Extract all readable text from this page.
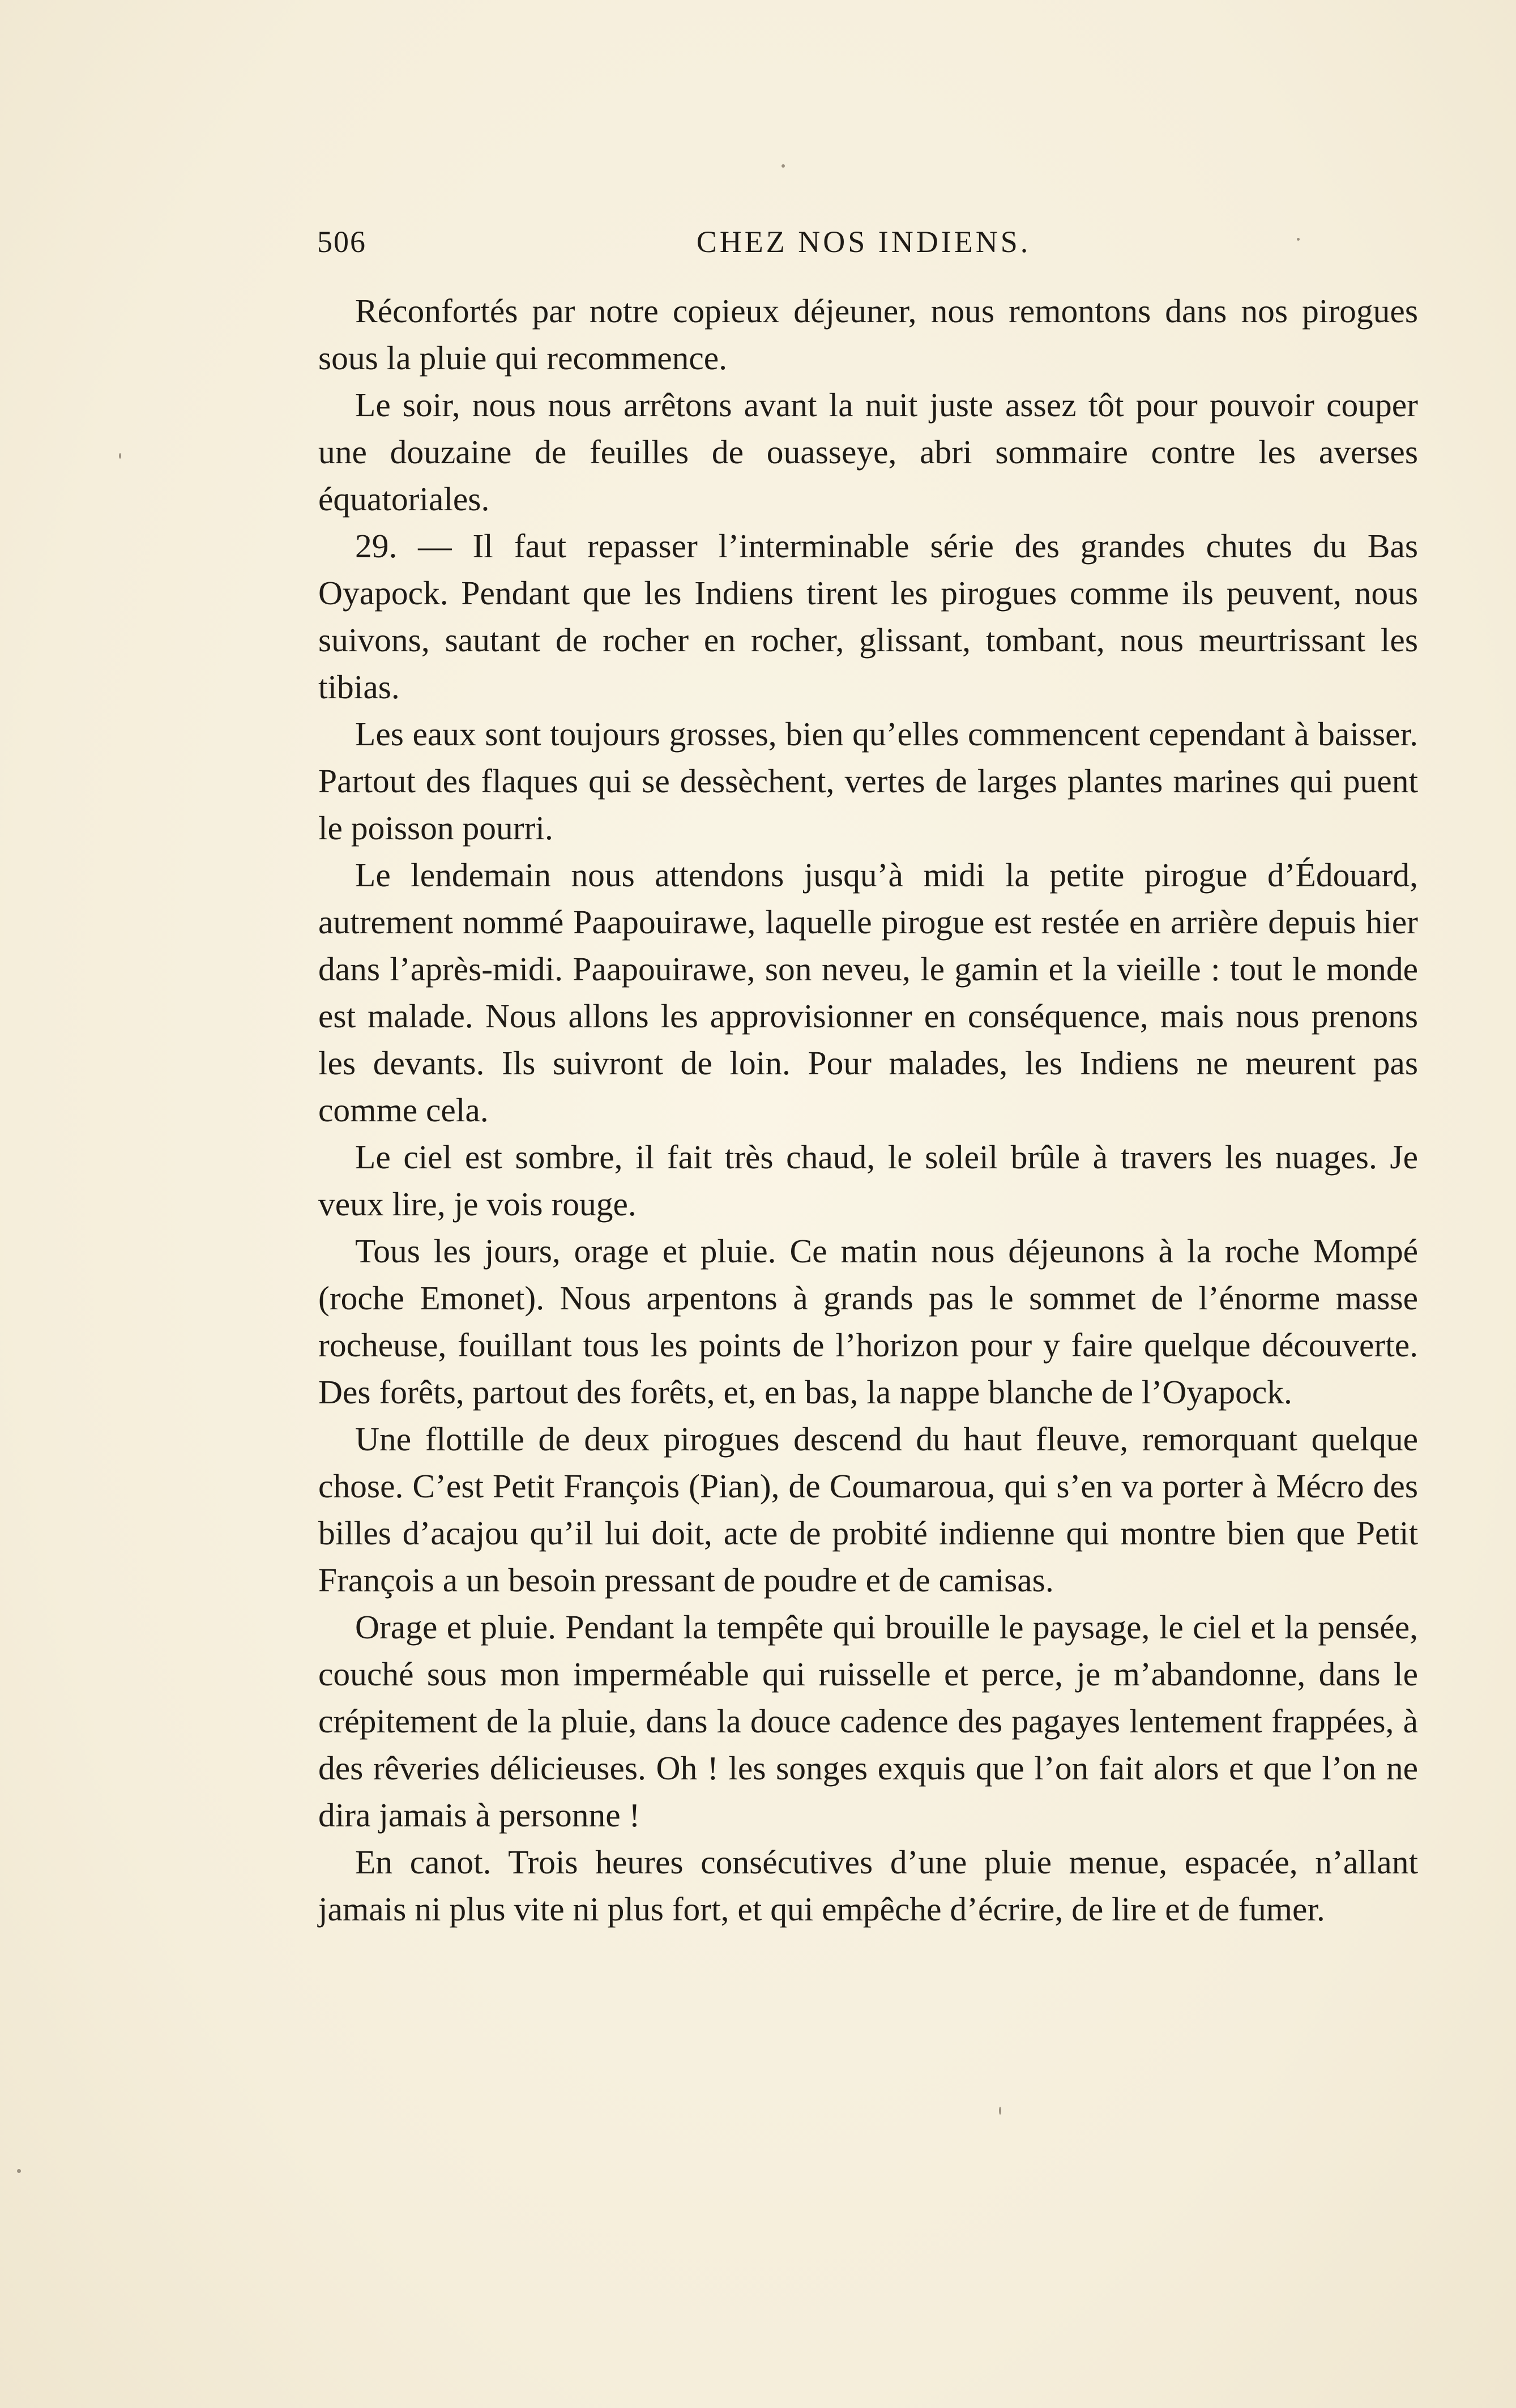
506	CHEZ NOS INDIENS.

Réconfortés par notre copieux déjeuner, nous remontons dans nos pirogues sous la pluie qui recommence.

Le soir, nous nous arrêtons avant la nuit juste assez tôt pour pouvoir couper une douzaine de feuilles de ouasseye, abri sommaire contre les averses équatoriales.

29. — Il faut repasser l’interminable série des grandes chutes du Bas Oyapock. Pendant que les Indiens tirent les pirogues comme ils peuvent, nous suivons, sautant de rocher en rocher, glissant, tombant, nous meurtrissant les tibias.

Les eaux sont toujours grosses, bien qu’elles commencent cependant à baisser. Partout des flaques qui se dessèchent, vertes de larges plantes marines qui puent le poisson pourri.

Le lendemain nous attendons jusqu’à midi la petite pirogue d’Édouard, autrement nommé Paapouirawe, laquelle pirogue est restée en arrière depuis hier dans l’après-midi. Paapouirawe, son neveu, le gamin et la vieille : tout le monde est malade. Nous allons les approvisionner en conséquence, mais nous prenons les devants. Ils suivront de loin. Pour malades, les Indiens ne meurent pas comme cela.

Le ciel est sombre, il fait très chaud, le soleil brûle à travers les nuages. Je veux lire, je vois rouge.

Tous les jours, orage et pluie. Ce matin nous déjeunons à la roche Mompé (roche Emonet). Nous arpentons à grands pas le sommet de l’énorme masse rocheuse, fouillant tous les points de l’horizon pour y faire quelque découverte. Des forêts, partout des forêts, et, en bas, la nappe blanche de l’Oyapock.

Une flottille de deux pirogues descend du haut fleuve, remorquant quelque chose. C’est Petit François (Pian), de Coumaroua, qui s’en va porter à Mécro des billes d’acajou qu’il lui doit, acte de probité indienne qui montre bien que Petit François a un besoin pressant de poudre et de camisas.

Orage et pluie. Pendant la tempête qui brouille le paysage, le ciel et la pensée, couché sous mon imperméable qui ruisselle et perce, je m’abandonne, dans le crépitement de la pluie, dans la douce cadence des pagayes lentement frappées, à des rêveries délicieuses. Oh ! les songes exquis que l’on fait alors et que l’on ne dira jamais à personne !

En canot. Trois heures consécutives d’une pluie menue, espacée, n’allant jamais ni plus vite ni plus fort, et qui empêche d’écrire, de lire et de fumer.
